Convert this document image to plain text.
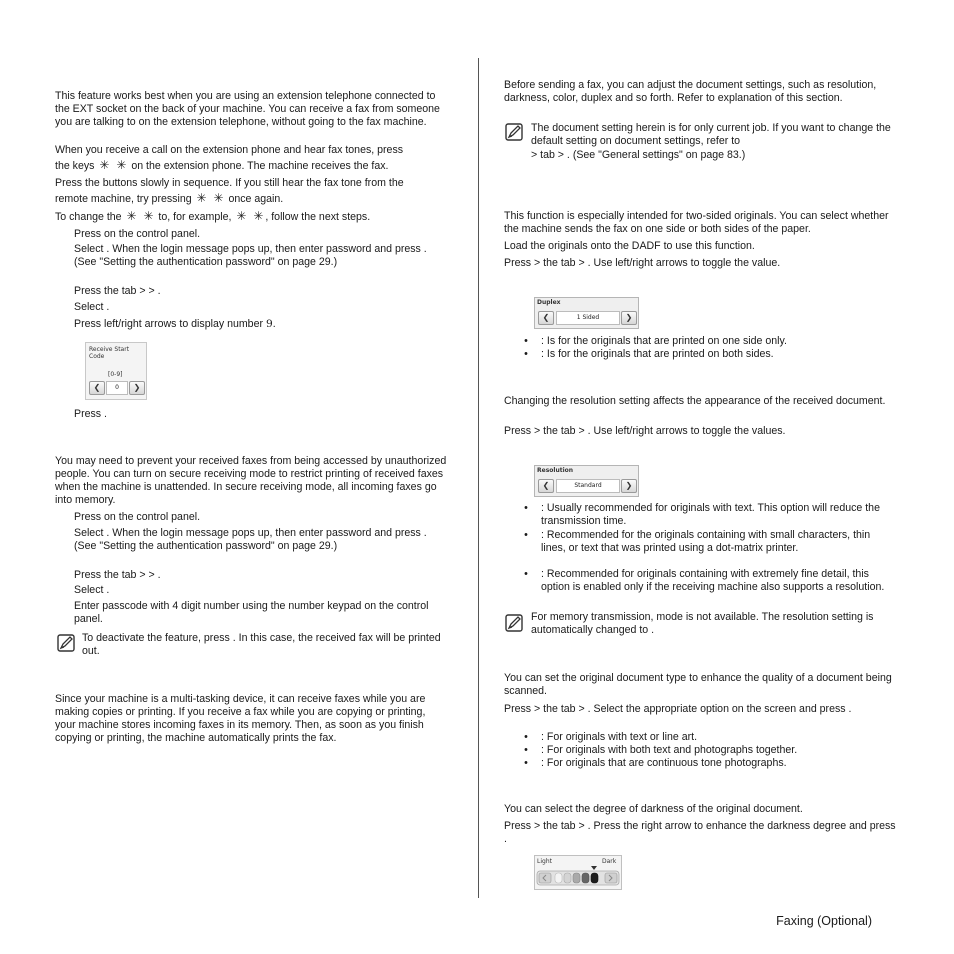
This feature works best when you are using an extension telephone connected to the EXT socket on the back of your machine. You can receive a fax from someone you are talking to on the extension telephone, without going to the fax machine.

When you receive a call on the extension phone and hear fax tones, press

the keys ✳ ✳ on the extension phone. The machine receives the fax.

Press the buttons slowly in sequence. If you still hear the fax tone from the

remote machine, try pressing ✳ ✳ once again.

To change the ✳ ✳ to, for example, ✳ ✳ , follow the next steps.

Press on the control panel.

Select . When the login message pops up, then enter password and press . (See "Setting the authentication password" on page 29.)

Press the tab > > .

Select .

Press left/right arrows to display number 9.

Receive Start Code
[0-9]
❮	0	❯

Press .

You may need to prevent your received faxes from being accessed by unauthorized people. You can turn on secure receiving mode to restrict printing of received faxes when the machine is unattended. In secure receiving mode, all incoming faxes go into memory.

Press on the control panel.

Select . When the login message pops up, then enter password and press . (See "Setting the authentication password" on page 29.)

Press the tab > > .

Select .

Enter passcode with 4 digit number using the number keypad on the control panel.

To deactivate the feature, press . In this case, the received fax will be printed out.

Since your machine is a multi-tasking device, it can receive faxes while you are making copies or printing. If you receive a fax while you are copying or printing, your machine stores incoming faxes in its memory. Then, as soon as you finish copying or printing, the machine automatically prints the fax.

Before sending a fax, you can adjust the document settings, such as resolution, darkness, color, duplex and so forth. Refer to explanation of this section.

The document setting herein is for only current job. If you want to change the default setting on document settings, refer to

> tab > . (See "General settings" on page 83.)

This function is especially intended for two-sided originals. You can select whether the machine sends the fax on one side or both sides of the paper.

Load the originals onto the DADF to use this function.

Press > the tab > . Use left/right arrows to toggle the value.

Duplex
❮	1 Sided	❯

• : Is for the originals that are printed on one side only.

• : Is for the originals that are printed on both sides.

Changing the resolution setting affects the appearance of the received document.

Press > the tab > . Use left/right arrows to toggle the values.

Resolution
❮	Standard	❯

• : Usually recommended for originals with text. This option will reduce the transmission time.

• : Recommended for the originals containing with small characters, thin lines, or text that was printed using a dot-matrix printer.

• : Recommended for originals containing with extremely fine detail, this option is enabled only if the receiving machine also supports a resolution.

For memory transmission, mode is not available. The resolution setting is automatically changed to .

You can set the original document type to enhance the quality of a document being scanned.

Press > the tab > . Select the appropriate option on the screen and press .

• : For originals with text or line art.

• : For originals with both text and photographs together.

• : For originals that are continuous tone photographs.

You can select the degree of darkness of the original document.

Press > the tab > . Press the right arrow to enhance the darkness degree and press .

Light	Dark
Faxing (Optional)
